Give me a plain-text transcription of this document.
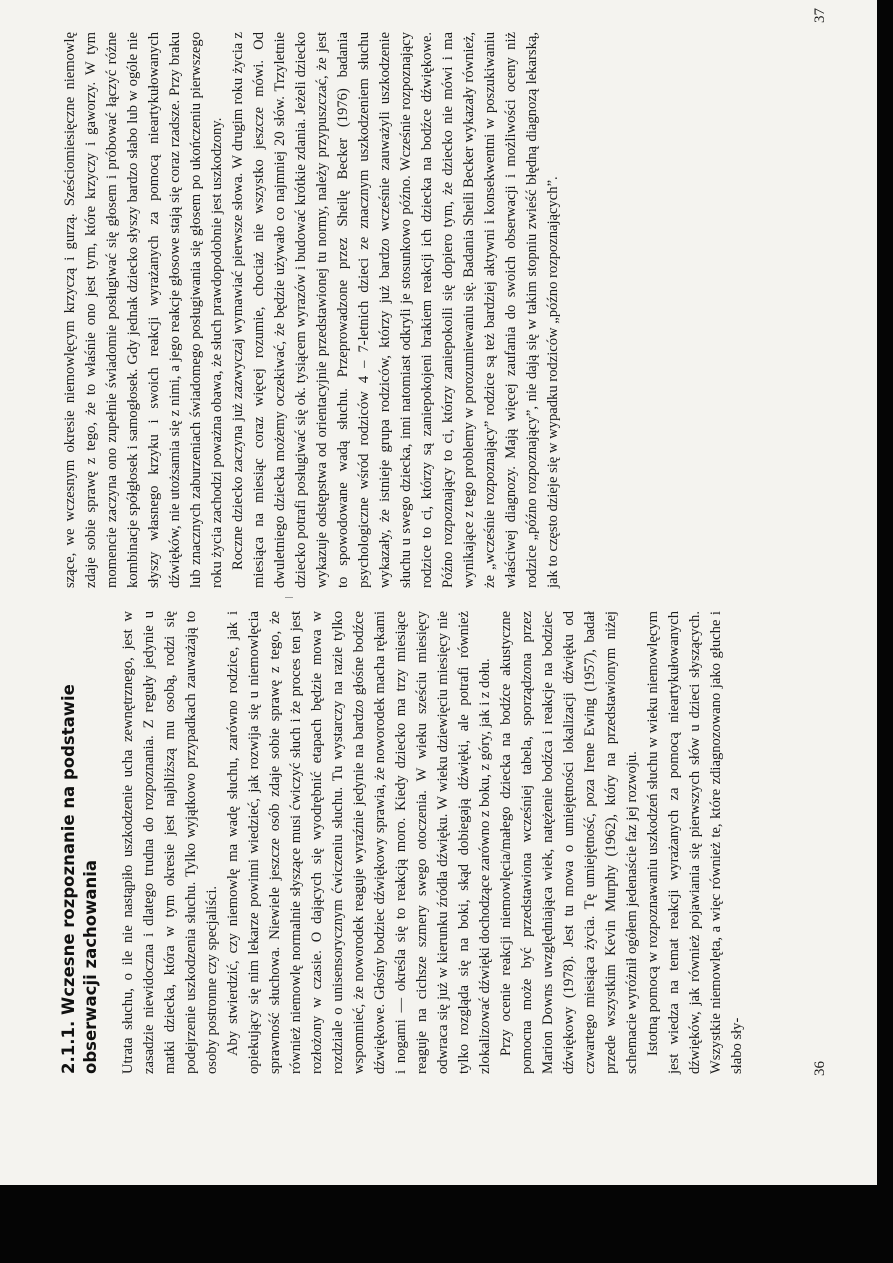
2.1.1. Wczesne rozpoznanie na podstawie obserwacji zachowania Utrata słuchu, o ile nie nastąpiło uszkodzenie ucha zewnętrznego, jest w zasadzie niewidoczna i dlatego trudna do rozpoznania. Z reguły jedynie u matki dziecka, która w tym okresie jest najbliższą mu osobą, rodzi się podejrzenie uszkodzenia słuchu. Tylko wyjątkowo przypadkach zauważają to osoby postronne czy specjaliści. Aby stwierdzić, czy niemowlę ma wadę słuchu, zarówno rodzice, jak i opiekujący się nim lekarze powinni wiedzieć, jak rozwija się u niemowlęcia sprawność słuchowa. Niewiele jeszcze osób zdaje sobie sprawę z tego, że również niemowlę normalnie słyszące musi ćwiczyć słuch i że proces ten jest rozłożony w czasie. O dających się wyodrębnić etapach będzie mowa w rozdziale o unisensorycznym ćwiczeniu słuchu. Tu wystarczy na razie tylko wspomnieć, że noworodek reaguje wyraźnie jedynie na bardzo głośne bodźce dźwiękowe. Głośny bodziec dźwiękowy sprawia, że noworodek macha rękami i nogami — określa się to reakcją moro. Kiedy dziecko ma trzy miesiące reaguje na cichsze szmery swego otoczenia. W wieku sześciu miesięcy odwraca się już w kierunku źródła dźwięku. W wieku dziewięciu miesięcy nie tylko rozgląda się na boki, skąd dobiegają dźwięki, ale potrafi również zlokalizować dźwięki dochodzące zarówno z boku, z góry, jak i z dołu. Przy ocenie reakcji niemowlęcia/małego dziecka na bodźce akustyczne pomocna może być przedstawiona wcześniej tabela, sporządzona przez Marion Downs uwzględniająca wiek, natężenie bodźca i reakcje na bodziec dźwiękowy (1978). Jest tu mowa o umiejętności lokalizacji dźwięku od czwartego miesiąca życia. Tę umiejętność, poza Irene Ewing (1957), badał przede wszystkim Kevin Murphy (1962), który na przedstawionym niżej schemacie wyróżnił ogółem jedenaście faz jej rozwoju. Istotną pomocą w rozpoznawaniu uszkodzeń słuchu w wieku niemowlęcym jest wiedza na temat reakcji wyrażanych za pomocą nieartykułowanych dźwięków, jak również pojawiania się pierwszych słów u dzieci słyszących. Wszystkie niemowlęta, a więc również te, które zdiagnozowano jako głuche i słabo sły-	36

szące, we wczesnym okresie niemowlęcym krzyczą i gurzą. Sześciomiesięczne niemowlę zdaje sobie sprawę z tego, że to właśnie ono jest tym, które krzyczy i gaworzy. W tym momencie zaczyna ono zupełnie świadomie posługiwać się głosem i próbować łączyć różne kombinacje spółgłosek i samogłosek. Gdy jednak dziecko słyszy bardzo słabo lub w ogóle nie słyszy własnego krzyku i swoich reakcji wyrażanych za pomocą nieartykułowanych dźwięków, nie utożsamia się z nimi, a jego reakcje głosowe stają się coraz rzadsze. Przy braku lub znacznych zaburzeniach świadomego posługiwania się głosem po ukończeniu pierwszego roku życia zachodzi poważna obawa, że słuch prawdopodobnie jest uszkodzony. Roczne dziecko zaczyna już zazwyczaj wymawiać pierwsze słowa. W drugim roku życia z miesiąca na miesiąc coraz więcej rozumie, chociaż nie wszystko jeszcze mówi. Od dwuletniego dziecka możemy oczekiwać, że będzie używało co najmniej 20 słów. Trzyletnie dziecko potrafi posługiwać się ok. tysiącem wyrazów i budować krótkie zdania. Jeżeli dziecko wykazuje odstępstwa od orientacyjnie przedstawionej tu normy, należy przypuszczać, że jest to spowodowane wadą słuchu. Przeprowadzone przez Sheilę Becker (1976) badania psychologiczne wśród rodziców 4 – 7-letnich dzieci ze znacznym uszkodzeniem słuchu wykazały, że istnieje grupa rodziców, którzy już bardzo wcześnie zauważyli uszkodzenie słuchu u swego dziecka, inni natomiast odkryli je stosunkowo późno. Wcześnie rozpoznający rodzice to ci, którzy są zaniepokojeni brakiem reakcji ich dziecka na bodźce dźwiękowe. Późno rozpoznający to ci, którzy zaniepokoili się dopiero tym, że dziecko nie mówi i ma wynikające z tego problemy w porozumiewaniu się. Badania Sheili Becker wykazały również, że „wcześnie rozpoznający” rodzice są też bardziej aktywni i konsekwentni w poszukiwaniu właściwej diagnozy. Mają więcej zaufania do swoich obserwacji i możliwości oceny niż rodzice „późno rozpoznający”, nie dają się w takim stopniu zwieść błędną diagnozą lekarską, jak to często dzieje się w wypadku rodziców „późno rozpoznających”.

37
